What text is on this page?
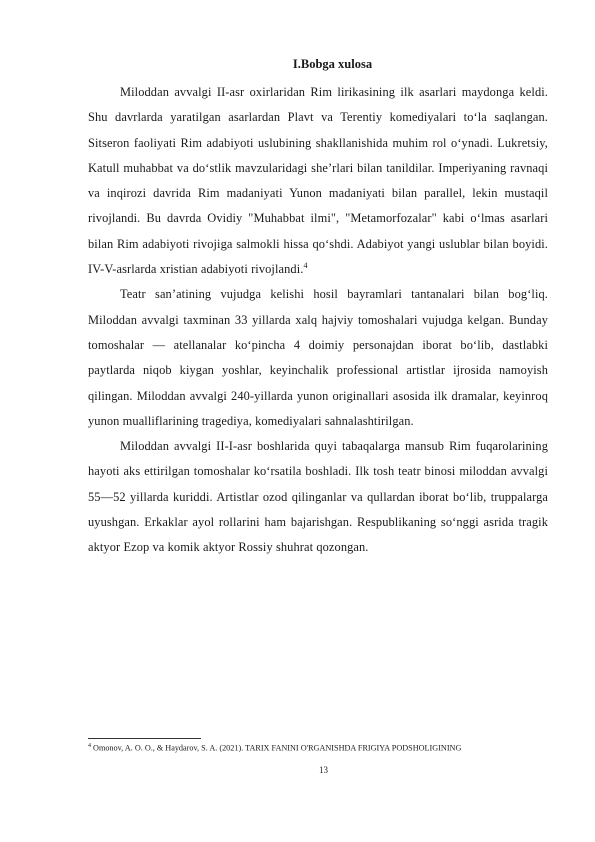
I.Bobga xulosa

Miloddan avvalgi II-asr oxirlaridan Rim lirikasining ilk asarlari maydonga keldi. Shu davrlarda yaratilgan asarlardan Plavt va Terentiy komediyalari to‘la saqlangan. Sitseron faoliyati Rim adabiyoti uslubining shakllanishida muhim rol o‘ynadi. Lukretsiy, Katull muhabbat va do‘stlik mavzularidagi she’rlari bilan tanildilar. Imperiyaning ravnaqi va inqirozi davrida Rim madaniyati Yunon madaniyati bilan parallel, lekin mustaqil rivojlandi. Bu davrda Ovidiy "Muhabbat ilmi", "Metamorfozalar" kabi o‘lmas asarlari bilan Rim adabiyoti rivojiga salmokli hissa qo‘shdi. Adabiyot yangi uslublar bilan boyidi. IV-V-asrlarda xristian adabiyoti rivojlandi.$^4$

Teatr san’atining vujudga kelishi hosil bayramlari tantanalari bilan bog‘liq. Miloddan avvalgi taxminan 33 yillarda xalq hajviy tomoshalari vujudga kelgan. Bunday tomoshalar — atellanalar ko‘pincha 4 doimiy personajdan iborat bo‘lib, dastlabki paytlarda niqob kiygan yoshlar, keyinchalik professional artistlar ijrosida namoyish qilingan. Miloddan avvalgi 240-yillarda yunon originallari asosida ilk dramalar, keyinroq yunon mualliflarining tragediya, komediyalari sahnalashtirilgan.

Miloddan avvalgi II-I-asr boshlarida quyi tabaqalarga mansub Rim fuqarolarining hayoti aks ettirilgan tomoshalar ko‘rsatila boshladi. Ilk tosh teatr binosi miloddan avvalgi 55—52 yillarda kuriddi. Artistlar ozod qilinganlar va qullardan iborat bo‘lib, truppalarga uyushgan. Erkaklar ayol rollarini ham bajarishgan. Respublikaning so‘nggi asrida tragik aktyor Ezop va komik aktyor Rossiy shuhrat qozongan.

$^4$ Omonov, A. O. O., & Haydarov, S. A. (2021). TARIX FANINI O'RGANISHDA FRIGIYA PODSHOLIGINING
13
